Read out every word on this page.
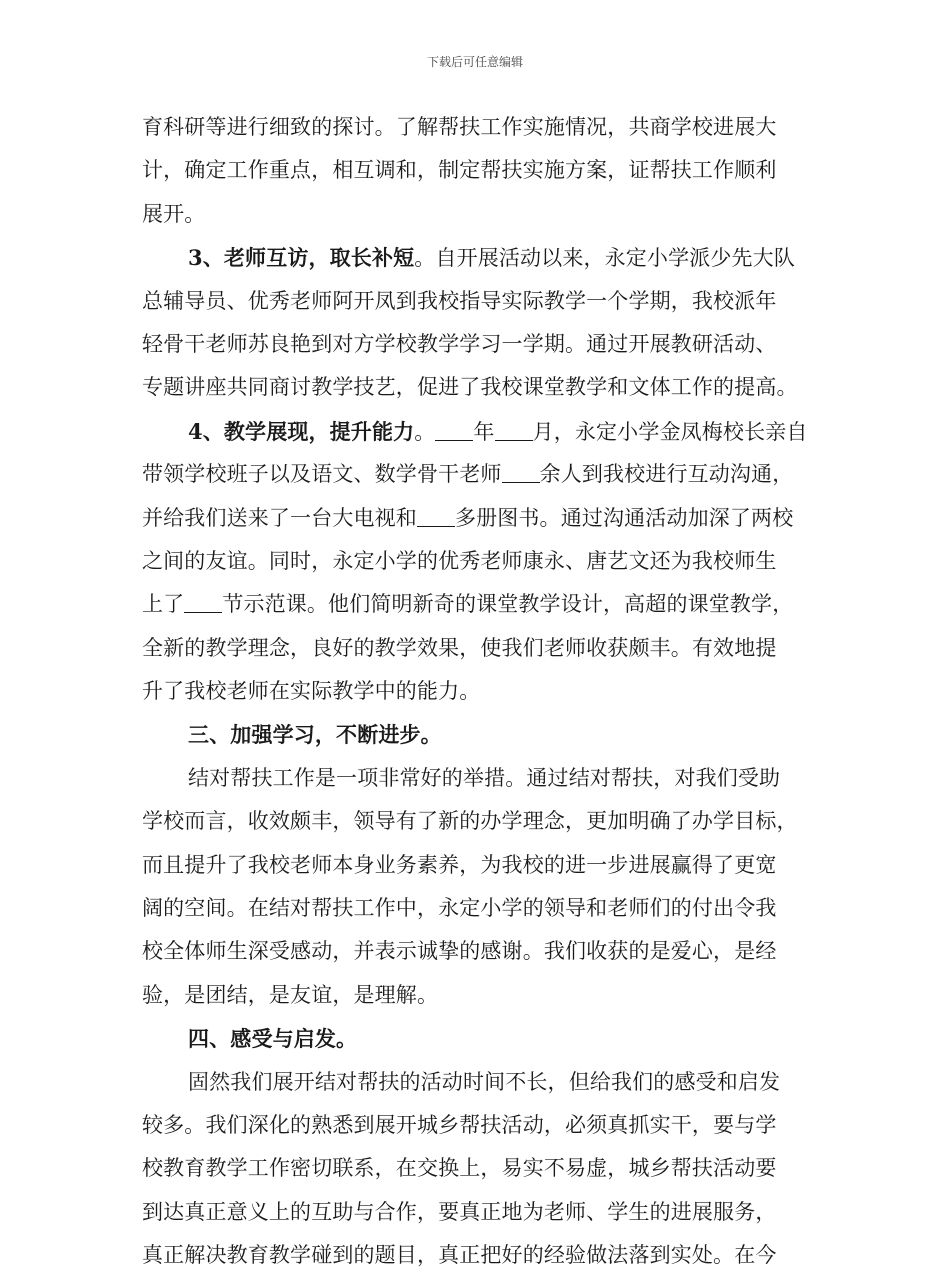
下载后可任意编辑
育科研等进行细致的探讨。了解帮扶工作实施情况，共商学校进展大
计，确定工作重点，相互调和，制定帮扶实施方案，证帮扶工作顺利
展开。
3、老师互访，取长补短。自开展活动以来，永定小学派少先大队
总辅导员、优秀老师阿开凤到我校指导实际教学一个学期，我校派年
轻骨干老师苏良艳到对方学校教学学习一学期。通过开展教研活动、
专题讲座共同商讨教学技艺，促进了我校课堂教学和文体工作的提高。
4、教学展现，提升能力。 年 月，永定小学金凤梅校长亲自
带领学校班子以及语文、数学骨干老师 余人到我校进行互动沟通，
并给我们送来了一台大电视和 多册图书。通过沟通活动加深了两校
之间的友谊。同时，永定小学的优秀老师康永、唐艺文还为我校师生
上了 节示范课。他们简明新奇的课堂教学设计，高超的课堂教学，
全新的教学理念，良好的教学效果，使我们老师收获颇丰。有效地提
升了我校老师在实际教学中的能力。
三、加强学习，不断进步。
结对帮扶工作是一项非常好的举措。通过结对帮扶，对我们受助
学校而言，收效颇丰，领导有了新的办学理念，更加明确了办学目标，
而且提升了我校老师本身业务素养，为我校的进一步进展赢得了更宽
阔的空间。在结对帮扶工作中，永定小学的领导和老师们的付出令我
校全体师生深受感动，并表示诚挚的感谢。我们收获的是爱心，是经
验，是团结，是友谊，是理解。
四、感受与启发。
固然我们展开结对帮扶的活动时间不长，但给我们的感受和启发
较多。我们深化的熟悉到展开城乡帮扶活动，必须真抓实干，要与学
校教育教学工作密切联系，在交换上，易实不易虚，城乡帮扶活动要
到达真正意义上的互助与合作，要真正地为老师、学生的进展服务，
真正解决教育教学碰到的题目，真正把好的经验做法落到实处。在今
